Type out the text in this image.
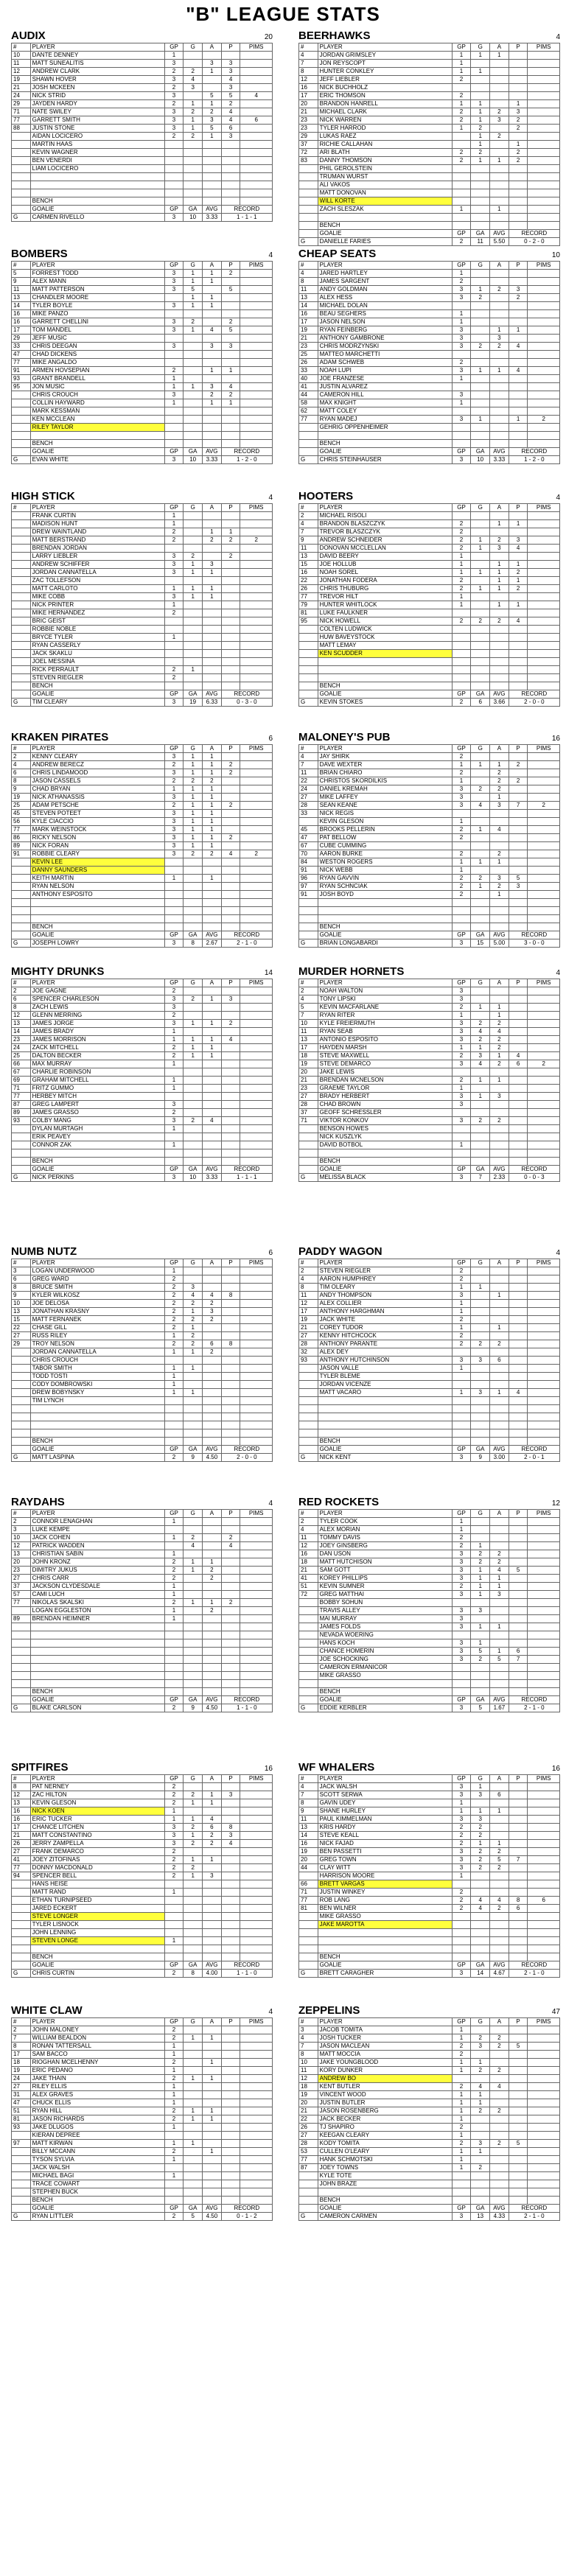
"B" LEAGUE STATS
AUDIX	20
#	PLAYER	GP	G	A	P	PIMS
10	DANTE DENNEY	1				
11	MATT SUNEALITIS	3		3	3	
12	ANDREW CLARK	2	2	1	3	
19	SHAWN HOVER	3	4		4	
21	JOSH MCKEEN	2	3		3	
24	NICK STRID	3		5	5	4
29	JAYDEN HARDY	2	1	1	2	
71	NATE SWILEY	3	2	2	4	
77	GARRETT SMITH	3	1	3	4	6
88	JUSTIN STONE	3	1	5	6	
	AIDAN LOCICERO	2	2	1	3	
	MARTIN HAAS					
	KEVIN WAGNER					
	BEN VENERDI					
	LIAM LOCICERO					

	BENCH					
	GOALIE	GP	GA	AVG	RECORD	
G	CARMEN RIVELLO	3	10	3.33	1 - 1 - 1	
BEERHAWKS	4
#	PLAYER	GP	G	A	P	PIMS
4	JORDAN GRIMSLEY	1	1	1		
7	JON REYSCOPT	1				
8	HUNTER CONKLEY	1	1			
12	JEFF LIEBLER	2				
16	NICK BUCHHOLZ					
17	ERIC THOMSON	2				
20	BRANDON HANRELL	1	1		1	
21	MICHAEL CLARK	2	1	2	3	
23	NICK WARREN	2	1	3	2	
23	TYLER HARROD	1	2		2	
29	LUKAS RAEZ		1	2		
37	RICHIE CALLAHAN		1		1	
72	ARI BLATH	2	2		2	
83	DANNY THOMSON	2	1	1	2	
	PHIL GEROLSTEIN					
	TRUMAN WURST					
	ALI VAKOS					
	MATT DONOVAN					
	WILL KORTE					
	ZACH SLESZAK	1		1		

	BENCH					
	GOALIE	GP	GA	AVG	RECORD	
G	DANIELLE FARIES	2	11	5.50	0 - 2 - 0	
BOMBERS	4
#	PLAYER	GP	G	A	P	PIMS
5	FORREST TODD	3	1	1	2	
9	ALEX MANN	3	1	1		
11	MATT PATTERSON	3	5		5	
13	CHANDLER MOORE		1	1		
14	TYLER BOYLE	3	1	1		
16	MIKE PANZO					
16	GARRETT CHELLINI	3	2		2	
17	TOM MANDEL	3	1	4	5	
29	JEFF MUSIC					
33	CHRIS DEEGAN	3		3	3	
47	CHAD DICKENS					
77	MIKE ANGALDO					
91	ARMEN HOVSEPIAN	2		1	1	
93	GRANT BRANDELL	1				
95	JON MUSIC	1	1	3	4	
	CHRIS CROUCH	3		2	2	
	COLLIN HAYWARD	1		1	1	
	MARK KESSMAN					
	KEN MCCLEAN					
	RILEY TAYLOR					

	BENCH					
	GOALIE	GP	GA	AVG	RECORD	
G	EVAN WHITE	3	10	3.33	1 - 2 - 0	
CHEAP SEATS	10
#	PLAYER	GP	G	A	P	PIMS
4	JARED HARTLEY	1				
8	JAMES SARGENT	2				
11	ANDY GOLDMAN	3	1	2	3	
13	ALEX HESS	3	2		2	
14	MICHAEL DOLAN					
16	BEAU SEGHERS	1				
17	JASON NELSON	1				
19	RYAN FEINBERG	3		1	1	
21	ANTHONY GAMBRONE	3		3		
23	CHRIS MODRZYNSKI	3	2	2	4	
25	MATTEO MARCHETTI					
26	ADAM SCHWEB	2				
33	NOAH LUPI	3	1	1	4	
40	JOE FRANZESE	1				
41	JUSTIN ALVAREZ					
44	CAMERON HILL	3				
58	MAX KNIGHT	1				
62	MATT COLEY					
77	RYAN MADEJ	3	1		1	2
	GEHRIG OPPENHEIMER					

	BENCH					
	GOALIE	GP	GA	AVG	RECORD	
G	CHRIS STEINHAUSER	3	10	3.33	1 - 2 - 0	
HIGH STICK	4
#	PLAYER	GP	G	A	P	PIMS
	FRANK CURTIN	1				
	MADISON HUNT	1				
	DREW WAINTLAND	2		1	1	
	MATT BERSTRAND	2		2	2	2
	BRENDAN JORDAN					
	LARRY LIEBLER	3	2		2	
	ANDREW SCHIFFER	3	1	3		
	JORDAN CANNATELLA	3	1	1		
	ZAC TOLLEFSON					
	MATT CARLOTO	1	1	1		
	MIKE COBB	3	1	1		
	NICK PRINTER	1				
	MIKE HERNANDEZ	2				
	BRIC GEIST					
	ROBBIE NOBLE					
	BRYCE TYLER	1				
	RYAN CASSERLY					
	JACK SKAKLU					
	JOEL MESSINA					
	RICK PERRAULT	2	1			
	STEVEN RIEGLER	2				
	BENCH					
	GOALIE	GP	GA	AVG	RECORD	
G	TIM CLEARY	3	19	6.33	0 - 3 - 0	
HOOTERS	4
#	PLAYER	GP	G	A	P	PIMS
2	MICHAEL RISOLI					
4	BRANDON BLASZCZYK	2		1	1	
7	TREVOR BLASZCZYK	2				
9	ANDREW SCHNEIDER	2	1	2	3	
11	DONOVAN MCCLELLAN	2	1	3	4	
13	DAVID BEERY	1				
15	JOE HOLLUB	1		1	1	
16	NOAH SOREL	1	1	1	2	
22	JONATHAN FODERA	2		1	1	
26	CHRIS THUBURG	2	1	1	2	
77	TREVOR HILT	1				
79	HUNTER WHITLOCK	1		1	1	
81	LUKE FAULKNER					
95	NICK HOWELL	2	2	2	4	
	COLTEN LUDWICK					
	HUW BAVEYSTOCK					
	MATT LEMAY					
	KEN SCUDDER					

	BENCH					
	GOALIE	GP	GA	AVG	RECORD	
G	KEVIN STOKES	2	6	3.66	2 - 0 - 0	
KRAKEN PIRATES	6
#	PLAYER	GP	G	A	P	PIMS
2	KENNY CLEARY	3	1	1		
4	ANDREW BERECZ	2	1	1	2	
6	CHRIS LINDAMOOD	3	1	1	2	
8	JASON CASSELS	2	2	2		
9	CHAD BRYAN	1	1	1		
19	NICK ATHANASSIS	3	1	1		
25	ADAM PETSCHE	2	1	1	2	
45	STEVEN POTEET	3	1	1		
56	KYLE CIACCIO	3	1	1		
77	MARK WEINSTOCK	3	1	1		
86	RICKY NELSON	3	1	1	2	
89	NICK FORAN	3	1	1		
91	ROBBIE CLEARY	3	2	2	4	2
	KEVIN LEE					
	DANNY SAUNDERS					
	KEITH MARTIN	1		1		
	RYAN NELSON					
	ANTHONY ESPOSITO					

	BENCH					
	GOALIE	GP	GA	AVG	RECORD	
G	JOSEPH LOWRY	3	8	2.67	2 - 1 - 0	
MALONEY'S PUB	16
#	PLAYER	GP	G	A	P	PIMS
4	JAY SHIRK	2				
7	DAVE WEXTER	1	1	1	2	
11	BRIAN CHIARO	2		2		
22	CHRISTOS SKORDILKIS	1		2	2	
24	DANIEL KREMAH	3	2	2		
27	MIKE LAFFEY	3		1		
28	SEAN KEANE	3	4	3	7	2
33	NICK REGIS					
	KEVIN GLESON	1				
45	BROOKS PELLERIN	2	1	4		
47	PAT BELLOW	2				
67	CUBE CUMMING					
70	AARON BURKE	2		2		
84	WESTON ROGERS	1	1	1		
91	NICK WEBB	1				
96	RYAN GAVVIN	2	2	3	5	
97	RYAN SCHNCIAK	2	1	2	3	
91	JOSH BOYD	2		1		

	BENCH					
	GOALIE	GP	GA	AVG	RECORD	
G	BRIAN LONGABARDI	3	15	5.00	3 - 0 - 0	
MIGHTY DRUNKS	14
#	PLAYER	GP	G	A	P	PIMS
2	JOE GAGNE	2				
6	SPENCER CHARLESON	3	2	1	3	
8	ZACH LEWIS	3				
12	GLENN MERRING	2				
13	JAMES JORGE	3	1	1	2	
14	JAMES BRADY	1				
23	JAMES MORRISON	1	1	1	4	
24	ZACK MITCHELL	2	1	1		
25	DALTON BECKER	2	1	1		
66	MAX MURRAY	1				
67	CHARLIE ROBINSON					
69	GRAHAM MITCHELL	1				
71	FRITZ GUMMO	1				
77	HERBEY MITCH					
87	GREG LAMPERT	3				
89	JAMES GRASSO	2				
93	COLBY MANG	3	2	4		
	DYLAN MURTAGH	1				
	ERIK PEAVEY					
	CONNOR ZAK	1				

	BENCH					
	GOALIE	GP	GA	AVG	RECORD	
G	NICK PERKINS	3	10	3.33	1 - 1 - 1	
MURDER HORNETS	4
#	PLAYER	GP	G	A	P	PIMS
2	NOAH WALTON	3				
4	TONY LIPSKI	3				
5	KEVIN MACFARLANE	2	1	1		
7	RYAN RITER	1		1		
10	KYLE FREIERMUTH	3	2	2		
11	RYAN SEAB	3	4	4		
13	ANTONIO ESPOSITO	3	2	2		
17	HAYDEN MARSH	1	1	2		
18	STEVE MAXWELL	2	3	1	4	
19	STEVE DEMARCO	3	4	2	6	2
20	JAKE LEWIS					
21	BRENDAN MCNELSON	2	1	1		
23	GRAEME TAYLOR	1				
27	BRADY HERBERT	3	1	3		
28	CHAD BROWN	3				
37	GEOFF SCHRESSLER					
71	VIKTOR KONKOV	3	2	2		
	BENSON HOWES					
	NICK KUSZLYK					
	DAVID BOTBOL	1				

	BENCH					
	GOALIE	GP	GA	AVG	RECORD	
G	MELISSA BLACK	3	7	2.33	0 - 0 - 3	
NUMB NUTZ	6
#	PLAYER	GP	G	A	P	PIMS
3	LOGAN UNDERWOOD	1				
6	GREG WARD	2				
8	BRUCE SMITH	2	3			
9	KYLER WILKOSZ	2	4	4	8	
10	JOE DELOSA	2	2	2		
13	JONATHAN KRASNY	2	1	3		
15	MATT FERNANEK	2	2	2		
22	CHASE GILL	2	1			
27	RUSS RILEY	1	2			
29	TROY NELSON	2	2	6	8	
	JORDAN CANNATELLA	1	1	2		
	CHRIS CROUCH					
	TABOR SMITH	1	1			
	TODD TOSTI	1				
	CODY DOMBROWSKI	1				
	DREW BOBYNSKY	1	1			
	TIM LYNCH					

	BENCH					
	GOALIE	GP	GA	AVG	RECORD	
G	MATT LASPINA	2	9	4.50	2 - 0 - 0	
PADDY WAGON	4
#	PLAYER	GP	G	A	P	PIMS
2	STEVEN RIEGLER	2				
4	AARON HUMPHREY	2				
8	TIM OLEARY	1	1			
11	ANDY THOMPSON	3		1		
12	ALEX COLLIER	1				
17	ANTHONY HARGHMAN	1				
19	JACK WHITE	2				
21	COREY TUDOR	1		1		
27	KENNY HITCHCOCK	2				
28	ANTHONY PARANTE	2	2	2		
32	ALEX DEY					
93	ANTHONY HUTCHINSON	3	3	6		
	JASON VALLE	1				
	TYLER BLEME					
	JORDAN VICENZE					
	MATT VACARO	1	3	1	4	

	BENCH					
	GOALIE	GP	GA	AVG	RECORD	
G	NICK KENT	3	9	3.00	2 - 0 - 1	
RAYDAHS	4
#	PLAYER	GP	G	A	P	PIMS
2	CONNOR LENAGHAN	1				
3	LUKE KEMPE					
10	JACK COHEN	1	2		2	
12	PATRICK WADDEN		4		4	
13	CHRISTIAN SABIN	1				
20	JOHN KRONZ	2	1	1		
23	DIMITRY JUKUS	2	1	2		
27	CHRIS CARR	2		2		
37	JACKSON CLYDESDALE	1				
57	CAMI LUCH	1				
77	NIKOLAS SKALSKI	2	1	1	2	
	LOGAN EGGLESTON	1		2		
89	BRENDAN HEIMNER	1				

	BENCH					
	GOALIE	GP	GA	AVG	RECORD	
G	BLAKE CARLSON	2	9	4.50	1 - 1 - 0	
RED ROCKETS	12
#	PLAYER	GP	G	A	P	PIMS
2	TYLER COOK	1				
4	ALEX MORIAN	1				
11	TOMMY DAVIS	2				
12	JOEY GINSBERG	2	1			
16	DAN USON	3	2	2		
18	MATT HUTCHISON	3	2	2		
21	SAM GOTT	3	1	4	5	
41	KOREY PHILLIPS	3	1	1		
51	KEVIN SUMNER	2	1	1		
72	GREG MATTHAI	3	1	3		
	BOBBY SOHUN					
	TRAVIS ALLEY	3	3			
	MAI MURRAY	3				
	JAMES FOLDS	3	1	1		
	NEVADA WOERING					
	HANS KOCH	3	1			
	CHANCE HOMERIN	3	5	1	6	
	JOE SCHOCKING	3	2	5	7	
	CAMERON ERMANICOR					
	MIKE GRASSO					

	BENCH					
	GOALIE	GP	GA	AVG	RECORD	
G	EDDIE KERBLER	3	5	1.67	2 - 1 - 0	
SPITFIRES	16
#	PLAYER	GP	G	A	P	PIMS
8	PAT NERNEY	2				
12	ZAC HILTON	2	2	1	3	
13	KEVIN GLESON	2	1	1		
16	NICK KOEN	1				
16	ERIC TUCKER	1	1	4		
17	CHANCE LITCHEN	3	2	6	8	
21	MATT CONSTANTINO	3	1	2	3	
26	JERRY ZAMPELLA	3	2	2	4	
27	FRANK DEMARCO	2				
41	JOEY ZITOFINAS	2	1	1		
77	DONNY MACDONALD	2	2			
94	SPENCER BELL	2	1	3		
	HANS HEISE					
	MATT RAND	1				
	ETHAN TURNIPSEED					
	JARED ECKERT					
	STEVE LONGER					
	TYLER LISNOCK					
	JOHN LENNING					
	STEVEN LONGE	1				

	BENCH					
	GOALIE	GP	GA	AVG	RECORD	
G	CHRIS CURTIN	2	8	4.00	1 - 1 - 0	
WF WHALERS	16
#	PLAYER	GP	G	A	P	PIMS
4	JACK WALSH	3	1			
7	SCOTT SERWA	3	3	6		
8	GAVIN UDEY	1				
9	SHANE HURLEY	1	1	1		
11	PAUL KIMMELMAN	3	3			
13	KRIS HARDY	2	2			
14	STEVE KEALL	2	2			
16	NICK FAJAD	2	1	1		
19	BEN PASSETTI	3	2	2		
20	GREG TOWN	3	2	5	7	
44	CLAY WITT	3	2	2		
	HARRISON MOORE	1				
66	BRETT VARGAS					
71	JUSTIN WINKEY	2				
77	ROB LANG	2	4	4	8	6
81	BEN WILNER	2	4	2	6	
	MIKE GRASSO					
	JAKE MAROTTA					

	BENCH					
	GOALIE	GP	GA	AVG	RECORD	
G	BRETT CARAGHER	3	14	4.67	2 - 1 - 0	
WHITE CLAW	4
#	PLAYER	GP	G	A	P	PIMS
2	JOHN MALONEY	2				
7	WILLIAM BEALDON	2	1	1		
8	RONAN TATTERSALL	1				
17	SAM BACCO	1				
18	RIOGHAN MCELHENNY	2		1		
19	ERIC PEDANO	1				
24	JAKE THAIN	2	1	1		
27	RILEY ELLIS	1				
31	ALEX GRAVES	1				
47	CHUCK ELLIS	1				
51	RYAN HILL	2	1	1		
81	JASON RICHARDS	2	1	1		
93	JAKE DLUGOS	1				
	KIERAN DEPREE					
97	MATT KIRWAN	1	1			
	BILLY MCCANN	2		1		
	TYSON SYLVIA	1				
	JACK WALSH					
	MICHAEL BAGI	1				
	TRACE COWART					
	STEPHEN BUCK					
	BENCH					
	GOALIE	GP	GA	AVG	RECORD	
G	RYAN LITTLER	2	5	4.50	0 - 1 - 2	
ZEPPELINS	47
#	PLAYER	GP	G	A	P	PIMS
3	JACOB TOMITA	1				
4	JOSH TUCKER	1	2	2		
7	JASON MACLEAN	2	3	2	5	
8	MATT MOCCIA	2				
10	JAKE YOUNGBLOOD	1	1			
11	KORY DUNKER	1	2	2		
12	ANDREW BO					
18	KENT BUTLER	2	4	4		
19	VINCENT WOOD	1	1			
20	JUSTIN BUTLER	1	1			
21	JASON ROSENBERG	1	2	2		
22	JACK BECKER	1				
26	TJ SHAPIRO	2				
27	KEEGAN CLEARY	1				
28	KODY TOMITA	2	3	2	5	
53	CULLEN O'LEARY	1	1			
77	HANK SCHMOTSKI	1				
87	JOEY TOWNS	1	2			
	KYLE TOTE					
	JOHN BRAZE					

	BENCH					
	GOALIE	GP	GA	AVG	RECORD	
G	CAMERON CARMEN	3	13	4.33	2 - 1 - 0	
